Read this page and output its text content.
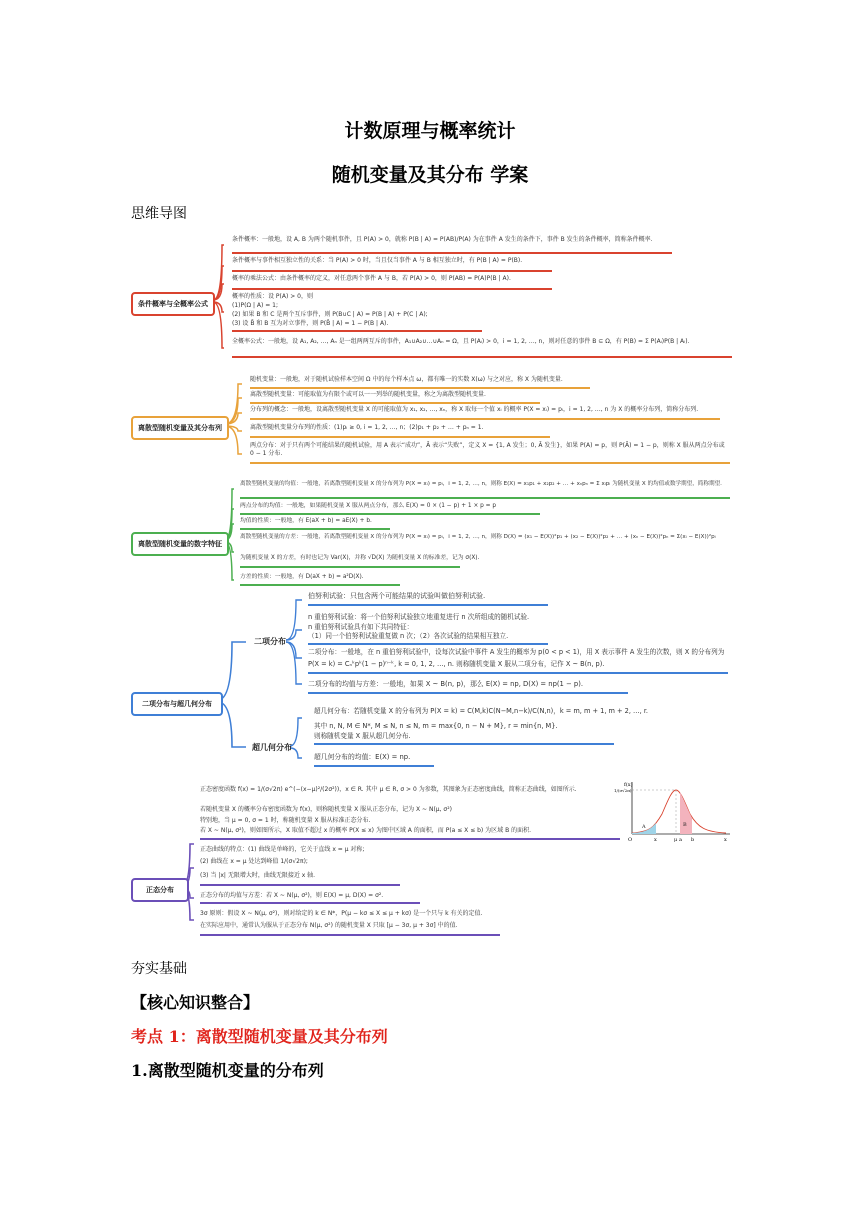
计数原理与概率统计
随机变量及其分布 学案
思维导图
条件概率与全概率公式
条件概率：一般地，设 A, B 为两个随机事件，且 P(A) > 0，就称 P(B | A) = P(AB)/P(A) 为在事件 A 发生的条件下，事件 B 发生的条件概率，简称条件概率.
条件概率与事件相互独立性的关系：当 P(A) > 0 时，当且仅当事件 A 与 B 相互独立时，有 P(B | A) = P(B).
概率的乘法公式：由条件概率的定义，对任意两个事件 A 与 B，若 P(A) > 0，则 P(AB) = P(A)P(B | A).
概率的性质：设 P(A) > 0，则
(1)P(Ω | A) = 1;
(2) 如果 B 和 C 是两个互斥事件，则 P(B∪C | A) = P(B | A) + P(C | A);
(3) 设 B̄ 和 B 互为对立事件，则 P(B̄ | A) = 1 − P(B | A).
全概率公式：一般地，设 A₁, A₂, …, Aₙ 是一组两两互斥的事件，A₁∪A₂∪…∪Aₙ = Ω，且 P(Aᵢ) > 0，i = 1, 2, …, n，则对任意的事件 B ⊆ Ω，有 P(B) = Σ P(Aᵢ)P(B | Aᵢ).
离散型随机变量及其分布列
随机变量：一般地，对于随机试验样本空间 Ω 中的每个样本点 ω，都有唯一的实数 X(ω) 与之对应，称 X 为随机变量.
离散型随机变量：可能取值为有限个或可以一一列举的随机变量，称之为离散型随机变量.
分布列的概念：一般地，设离散型随机变量 X 的可能取值为 x₁, x₂, …, xₙ，称 X 取每一个值 xᵢ 的概率 P(X = xᵢ) = pᵢ，i = 1, 2, …, n 为 X 的概率分布列，简称分布列.
离散型随机变量分布列的性质：(1)pᵢ ≥ 0, i = 1, 2, …, n；(2)p₁ + p₂ + … + pₙ = 1.
两点分布：对于只有两个可能结果的随机试验，用 A 表示“成功”，Ā 表示“失败”，定义 X = {1, A 发生；0, Ā 发生}，如果 P(A) = p，则 P(Ā) = 1 − p，则称 X 服从两点分布或 0 − 1 分布.
离散型随机变量的数字特征
离散型随机变量的均值：一般地，若离散型随机变量 X 的分布列为 P(X = xᵢ) = pᵢ，i = 1, 2, …, n，则称 E(X) = x₁p₁ + x₂p₂ + … + xₙpₙ = Σ xᵢpᵢ 为随机变量 X 的均值或数学期望，简称期望.
两点分布的均值：一般地，如果随机变量 X 服从两点分布，那么 E(X) = 0 × (1 − p) + 1 × p = p
均值的性质：一般地，有 E(aX + b) = aE(X) + b.
离散型随机变量的方差：一般地，若离散型随机变量 X 的分布列为 P(X = xᵢ) = pᵢ，i = 1, 2, …, n，则称 D(X) = (x₁ − E(X))²p₁ + (x₂ − E(X))²p₂ + … + (xₙ − E(X))²pₙ = Σ(xᵢ − E(X))²pᵢ
为随机变量 X 的方差，有时也记为 Var(X)，并称 √D(X) 为随机变量 X 的标准差，记为 σ(X).
方差的性质：一般地，有 D(aX + b) = a²D(X).
二项分布与超几何分布
二项分布
超几何分布
伯努利试验：只包含两个可能结果的试验叫做伯努利试验.
n 重伯努利试验：将一个伯努利试验独立地重复进行 n 次所组成的随机试验.
n 重伯努利试验具有如下共同特征：
（1）同一个伯努利试验重复做 n 次；（2）各次试验的结果相互独立.
二项分布：一般地，在 n 重伯努利试验中，设每次试验中事件 A 发生的概率为 p(0 < p < 1)，用 X 表示事件 A 发生的次数，则 X 的分布列为
P(X = k) = Cₙᵏpᵏ(1 − p)ⁿ⁻ᵏ, k = 0, 1, 2, …, n. 则称随机变量 X 服从二项分布，记作 X ~ B(n, p).
二项分布的均值与方差：一般地，如果 X ~ B(n, p)，那么 E(X) = np, D(X) = np(1 − p).
超几何分布：若随机变量 X 的分布列为 P(X = k) = C(M,k)C(N−M,n−k)/C(N,n)，k = m, m + 1, m + 2, …, r.
其中 n, N, M ∈ N*, M ≤ N, n ≤ N, m = max{0, n − N + M}, r = min{n, M}.
则称随机变量 X 服从超几何分布.
超几何分布的均值：E(X) = np.
正态密度函数 f(x) = 1/(σ√2π) e^(−(x−μ)²/(2σ²))，x ∈ R. 其中 μ ∈ R, σ > 0 为参数，其图象为正态密度曲线，简称正态曲线，如图所示.
若随机变量 X 的概率分布密度函数为 f(x)，则称随机变量 X 服从正态分布，记为 X ~ N(μ, σ²)
特别地，当 μ = 0, σ = 1 时，称随机变量 X 服从标准正态分布.
若 X ~ N(μ, σ²)，则如图所示，X 取值不超过 x 的概率 P(X ≤ x) 为图中区域 A 的面积，而 P(a ≤ X ≤ b) 为区域 B 的面积.
f(x)
1/(σ√2π)
O	x	μ a b	x
A	B
正态分布
正态曲线的特点：(1) 曲线是单峰的，它关于直线 x = μ 对称;
(2) 曲线在 x = μ 处达到峰值 1/(σ√2π);
(3) 当 |x| 无限增大时，曲线无限接近 x 轴.
正态分布的均值与方差：若 X ~ N(μ, σ²)，则 E(X) = μ, D(X) = σ².
3σ 原则：假设 X ~ N(μ, σ²)，则对给定的 k ∈ N*，P(μ − kσ ≤ X ≤ μ + kσ) 是一个只与 k 有关的定值.
在实际应用中，通常认为服从于正态分布 N(μ, σ²) 的随机变量 X 只取 [μ − 3σ, μ + 3σ] 中的值.
夯实基础
【核心知识整合】
考点 1：离散型随机变量及其分布列
1.离散型随机变量的分布列
